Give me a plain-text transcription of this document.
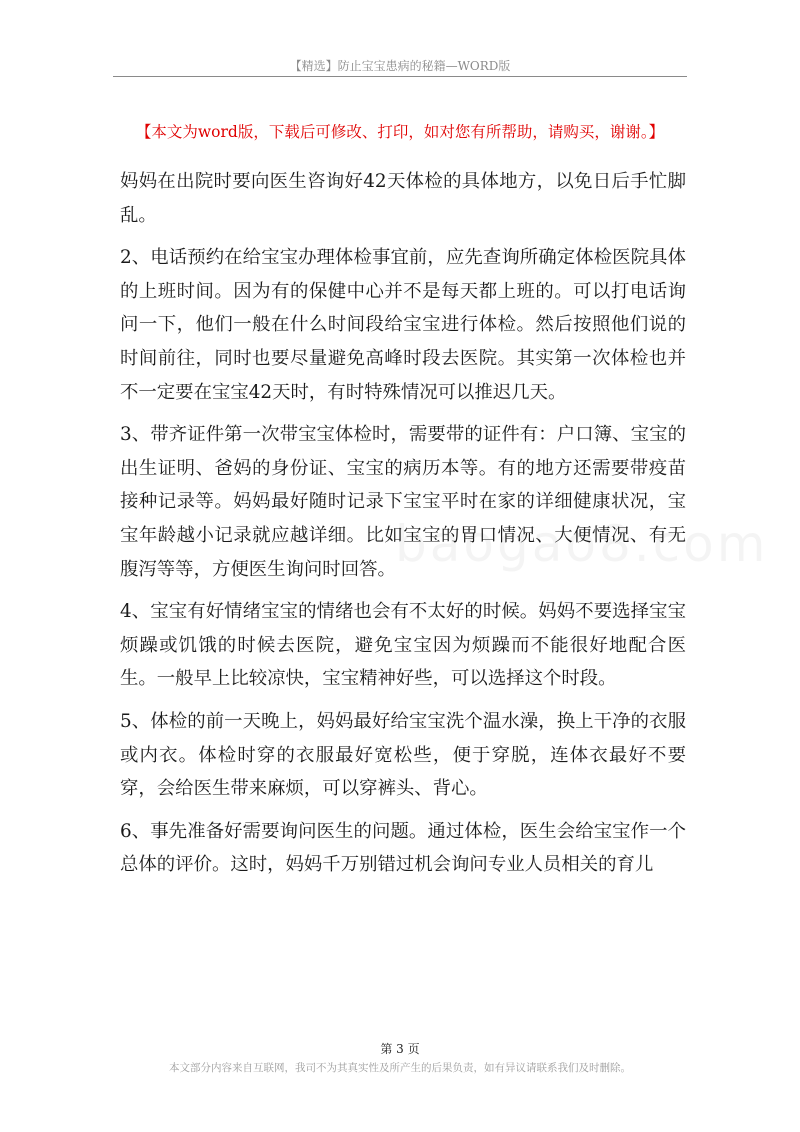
【精选】防止宝宝患病的秘籍—WORD版
【本文为word版，下载后可修改、打印，如对您有所帮助，请购买，谢谢。】

妈妈在出院时要向医生咨询好42天体检的具体地方，以免日后手忙脚乱。

2、电话预约在给宝宝办理体检事宜前，应先查询所确定体检医院具体的上班时间。因为有的保健中心并不是每天都上班的。可以打电话询问一下，他们一般在什么时间段给宝宝进行体检。然后按照他们说的时间前往，同时也要尽量避免高峰时段去医院。其实第一次体检也并不一定要在宝宝42天时，有时特殊情况可以推迟几天。

3、带齐证件第一次带宝宝体检时，需要带的证件有：户口簿、宝宝的出生证明、爸妈的身份证、宝宝的病历本等。有的地方还需要带疫苗接种记录等。妈妈最好随时记录下宝宝平时在家的详细健康状况，宝宝年龄越小记录就应越详细。比如宝宝的胃口情况、大便情况、有无腹泻等等，方便医生询问时回答。

4、宝宝有好情绪宝宝的情绪也会有不太好的时候。妈妈不要选择宝宝烦躁或饥饿的时候去医院，避免宝宝因为烦躁而不能很好地配合医生。一般早上比较凉快，宝宝精神好些，可以选择这个时段。

5、体检的前一天晚上，妈妈最好给宝宝洗个温水澡，换上干净的衣服或内衣。体检时穿的衣服最好宽松些，便于穿脱，连体衣最好不要穿，会给医生带来麻烦，可以穿裤头、背心。

6、事先准备好需要询问医生的问题。通过体检，医生会给宝宝作一个总体的评价。这时，妈妈千万别错过机会询问专业人员相关的育儿

第 3 页
本文部分内容来自互联网，我司不为其真实性及所产生的后果负责，如有异议请联系我们及时删除。
